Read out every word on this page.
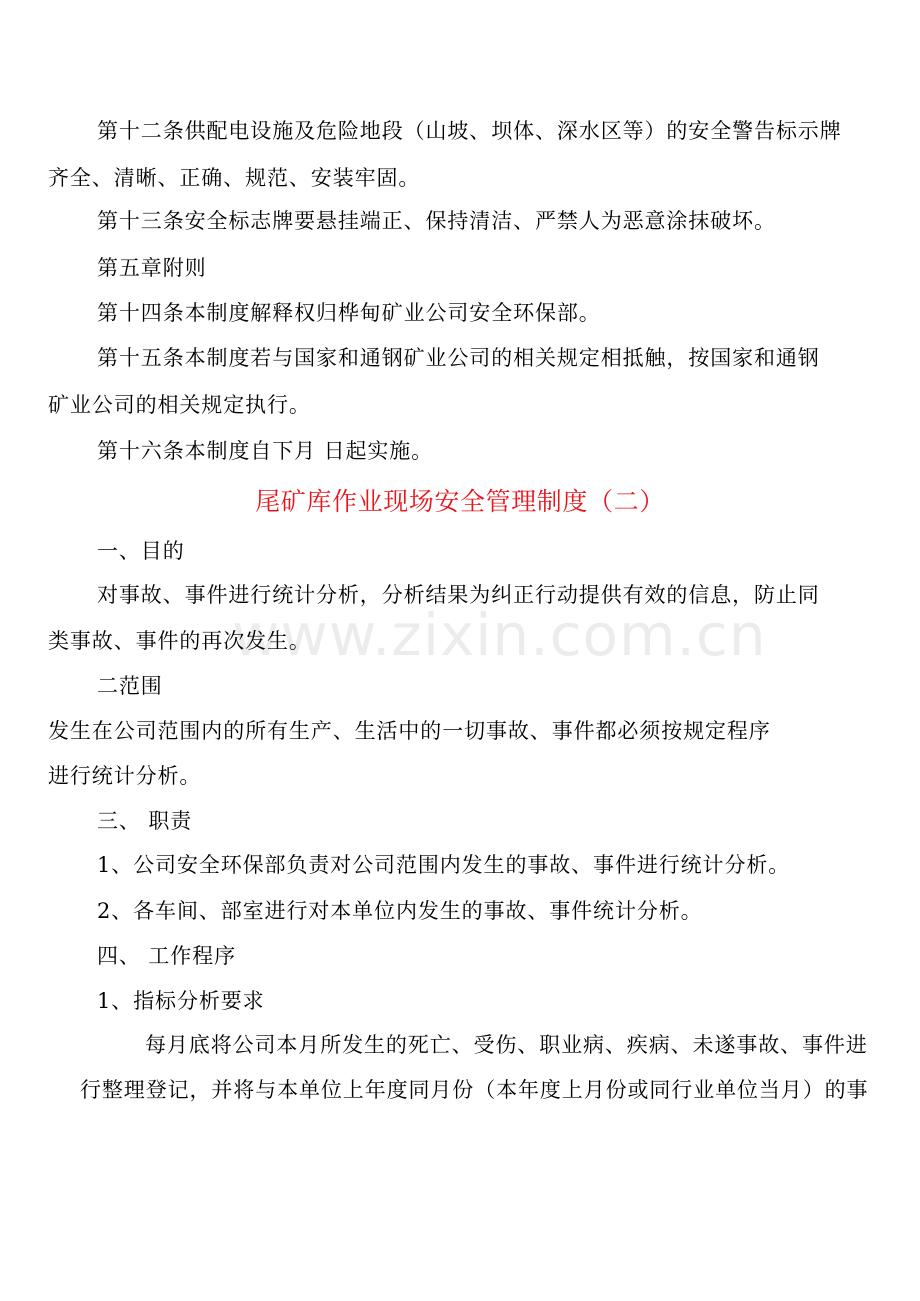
第十二条供配电设施及危险地段（山坡、坝体、深水区等）的安全警告标示牌
齐全、清晰、正确、规范、安装牢固。
第十三条安全标志牌要悬挂端正、保持清洁、严禁人为恶意涂抹破坏。
第五章附则
第十四条本制度解释权归桦甸矿业公司安全环保部。
第十五条本制度若与国家和通钢矿业公司的相关规定相抵触，按国家和通钢
矿业公司的相关规定执行。
第十六条本制度自下月 日起实施。
尾矿库作业现场安全管理制度（二）
一、目的
对事故、事件进行统计分析，分析结果为纠正行动提供有效的信息，防止同
类事故、事件的再次发生。
二范围
发生在公司范围内的所有生产、生活中的一切事故、事件都必须按规定程序
进行统计分析。
三、 职责
1、公司安全环保部负责对公司范围内发生的事故、事件进行统计分析。
2、各车间、部室进行对本单位内发生的事故、事件统计分析。
四、 工作程序
1、指标分析要求
每月底将公司本月所发生的死亡、受伤、职业病、疾病、未遂事故、事件进
行整理登记，并将与本单位上年度同月份（本年度上月份或同行业单位当月）的事
www.zixin.com.cn
